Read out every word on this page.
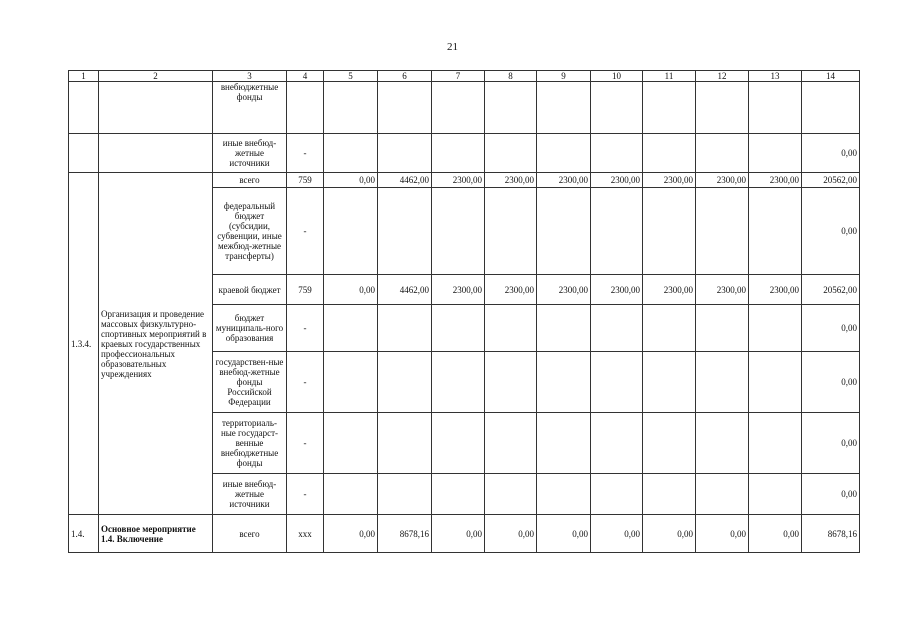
21
1	2	3	4	5	6	7	8	9	10	11	12	13	14
		внебюджетные фонды											
		иные внебюд-жетные источники	-										0,00
1.3.4.	Организация и проведение массовых физкультурно-спортивных мероприятий в краевых государственных профессиональных образовательных учреждениях	всего	759	0,00	4462,00	2300,00	2300,00	2300,00	2300,00	2300,00	2300,00	2300,00	20562,00
		федеральный бюджет (субсидии, субвенции, иные межбюд-жетные трансферты)	-										0,00
		краевой бюджет	759	0,00	4462,00	2300,00	2300,00	2300,00	2300,00	2300,00	2300,00	2300,00	20562,00
		бюджет муниципаль-ного образования	-										0,00
		государствен-ные внебюд-жетные фонды Российской Федерации	-										0,00
		территориаль-ные государст-венные внебюджетные фонды	-										0,00
		иные внебюд-жетные источники	-										0,00
1.4.	Основное мероприятие 1.4. Включение	всего	ххх	0,00	8678,16	0,00	0,00	0,00	0,00	0,00	0,00	0,00	8678,16
